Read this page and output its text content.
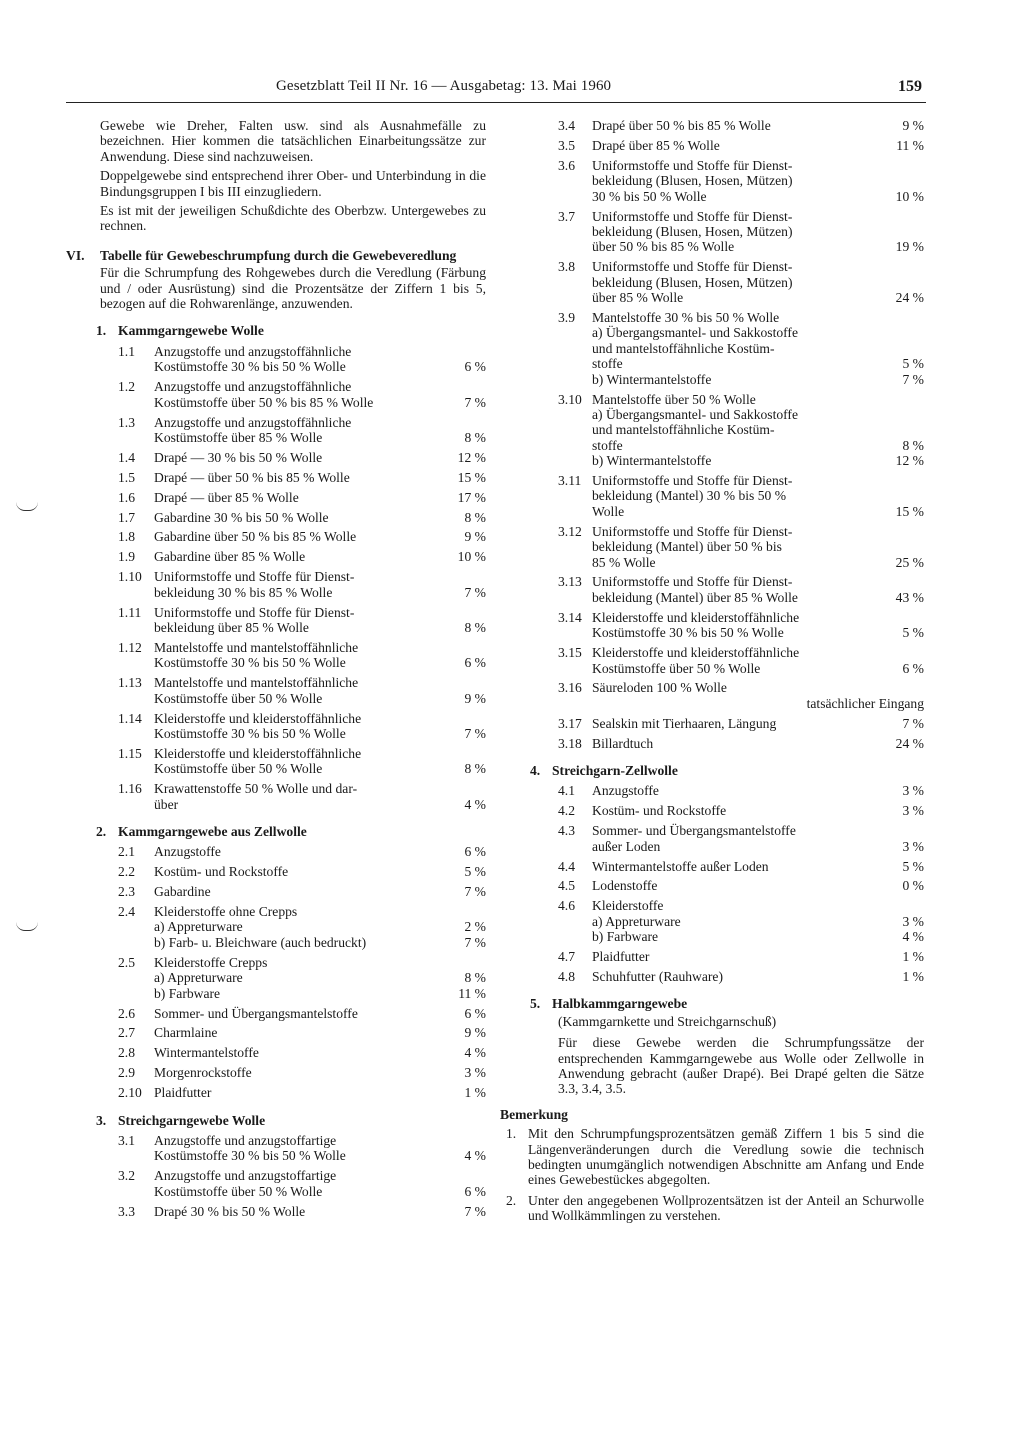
Gesetzblatt Teil II Nr. 16 — Ausgabetag: 13. Mai 1960	159

Gewebe wie Dreher, Falten usw. sind als Ausnahmefälle zu bezeichnen. Hier kommen die tatsächlichen Einarbeitungssätze zur Anwendung. Diese sind nachzuweisen.

Doppelgewebe sind entsprechend ihrer Ober- und Unterbindung in die Bindungsgruppen I bis III einzugliedern.

Es ist mit der jeweiligen Schußdichte des Oberbzw. Untergewebes zu rechnen.

VI.	Tabelle für Gewebeschrumpfung durch die Gewebeveredlung

Für die Schrumpfung des Rohgewebes durch die Veredlung (Färbung und / oder Ausrüstung) sind die Prozentsätze der Ziffern 1 bis 5, bezogen auf die Rohwarenlänge, anzuwenden.

1. Kammgarngewebe Wolle
1.1	Anzugstoffe und anzugstoffähnliche
Kostümstoffe 30 % bis 50 % Wolle	6 %
1.2	Anzugstoffe und anzugstoffähnliche
Kostümstoffe über 50 % bis 85 % Wolle	7 %
1.3	Anzugstoffe und anzugstoffähnliche
Kostümstoffe über 85 % Wolle	8 %
1.4	Drapé — 30 % bis 50 % Wolle	12 %
1.5	Drapé — über 50 % bis 85 % Wolle	15 %
1.6	Drapé — über 85 % Wolle	17 %
1.7	Gabardine 30 % bis 50 % Wolle	8 %
1.8	Gabardine über 50 % bis 85 % Wolle	9 %
1.9	Gabardine über 85 % Wolle	10 %
1.10 Uniformstoffe und Stoffe für Dienst-
bekleidung 30 % bis 85 % Wolle	7 %
1.11 Uniformstoffe und Stoffe für Dienst-
bekleidung über 85 % Wolle	8 %
1.12 Mantelstoffe und mantelstoffähnliche
Kostümstoffe 30 % bis 50 % Wolle	6 %
1.13 Mantelstoffe und mantelstoffähnliche
Kostümstoffe über 50 % Wolle	9 %
1.14 Kleiderstoffe und kleiderstoffähnliche
Kostümstoffe 30 % bis 50 % Wolle	7 %
1.15 Kleiderstoffe und kleiderstoffähnliche
Kostümstoffe über 50 % Wolle	8 %
1.16 Krawattenstoffe 50 % Wolle und dar-
über	4 %
2. Kammgarngewebe aus Zellwolle
2.1	Anzugstoffe	6 %
2.2	Kostüm- und Rockstoffe	5 %
2.3	Gabardine	7 %
2.4	Kleiderstoffe ohne Crepps
a) Appreturware	2 %
b) Farb- u. Bleichware (auch bedruckt)	7 %
2.5	Kleiderstoffe Crepps
a) Appreturware	8 %
b) Farbware	11 %
2.6	Sommer- und Übergangsmantelstoffe	6 %
2.7	Charmlaine	9 %
2.8	Wintermantelstoffe	4 %
2.9	Morgenrockstoffe	3 %
2.10 Plaidfutter	1 %
3. Streichgarngewebe Wolle
3.1	Anzugstoffe und anzugstoffartige
Kostümstoffe 30 % bis 50 % Wolle	4 %
3.2	Anzugstoffe und anzugstoffartige
Kostümstoffe über 50 % Wolle	6 %
3.3	Drapé 30 % bis 50 % Wolle	7 %
3.4	Drapé über 50 % bis 85 % Wolle	9 %
3.5	Drapé über 85 % Wolle	11 %
3.6	Uniformstoffe und Stoffe für Dienst-
bekleidung (Blusen, Hosen, Mützen)
30 % bis 50 % Wolle	10 %
3.7	Uniformstoffe und Stoffe für Dienst-
bekleidung (Blusen, Hosen, Mützen)
über 50 % bis 85 % Wolle	19 %
3.8	Uniformstoffe und Stoffe für Dienst-
bekleidung (Blusen, Hosen, Mützen)
über 85 % Wolle	24 %
3.9	Mantelstoffe 30 % bis 50 % Wolle
a) Übergangsmantel- und Sakkostoffe
und mantelstoffähnliche Kostüm-
stoffe	5 %
b) Wintermantelstoffe	7 %
3.10 Mantelstoffe über 50 % Wolle
a) Übergangsmantel- und Sakkostoffe
und mantelstoffähnliche Kostüm-
stoffe	8 %
b) Wintermantelstoffe	12 %
3.11 Uniformstoffe und Stoffe für Dienst-
bekleidung (Mantel) 30 % bis 50 %
Wolle	15 %
3.12 Uniformstoffe und Stoffe für Dienst-
bekleidung (Mantel) über 50 % bis
85 % Wolle	25 %
3.13 Uniformstoffe und Stoffe für Dienst-
bekleidung (Mantel) über 85 % Wolle	43 %
3.14 Kleiderstoffe und kleiderstoffähnliche
Kostümstoffe 30 % bis 50 % Wolle	5 %
3.15 Kleiderstoffe und kleiderstoffähnliche
Kostümstoffe über 50 % Wolle	6 %
3.16 Säureloden 100 % Wolle
tatsächlicher Eingang
3.17 Sealskin mit Tierhaaren, Längung	7 %
3.18 Billardtuch	24 %
4. Streichgarn-Zellwolle
4.1	Anzugstoffe	3 %
4.2	Kostüm- und Rockstoffe	3 %
4.3	Sommer- und Übergangsmantelstoffe
außer Loden	3 %
4.4	Wintermantelstoffe außer Loden	5 %
4.5	Lodenstoffe	0 %
4.6	Kleiderstoffe
a) Appreturware	3 %
b) Farbware	4 %
4.7	Plaidfutter	1 %
4.8	Schuhfutter (Rauhware)	1 %
5. Halbkammgarngewebe
(Kammgarnkette und Streichgarnschuß)

Für diese Gewebe werden die Schrumpfungssätze der entsprechenden Kammgarngewebe aus Wolle oder Zellwolle in Anwendung gebracht (außer Drapé). Bei Drapé gelten die Sätze 3.3, 3.4, 3.5.

Bemerkung
1. Mit den Schrumpfungsprozentsätzen gemäß Ziffern 1 bis 5 sind die Längenveränderungen durch die Veredlung sowie die technisch bedingten unumgänglich notwendigen Abschnitte am Anfang und Ende eines Gewebestückes abgegolten.
2. Unter den angegebenen Wollprozentsätzen ist der Anteil an Schurwolle und Wollkämmlingen zu verstehen.
